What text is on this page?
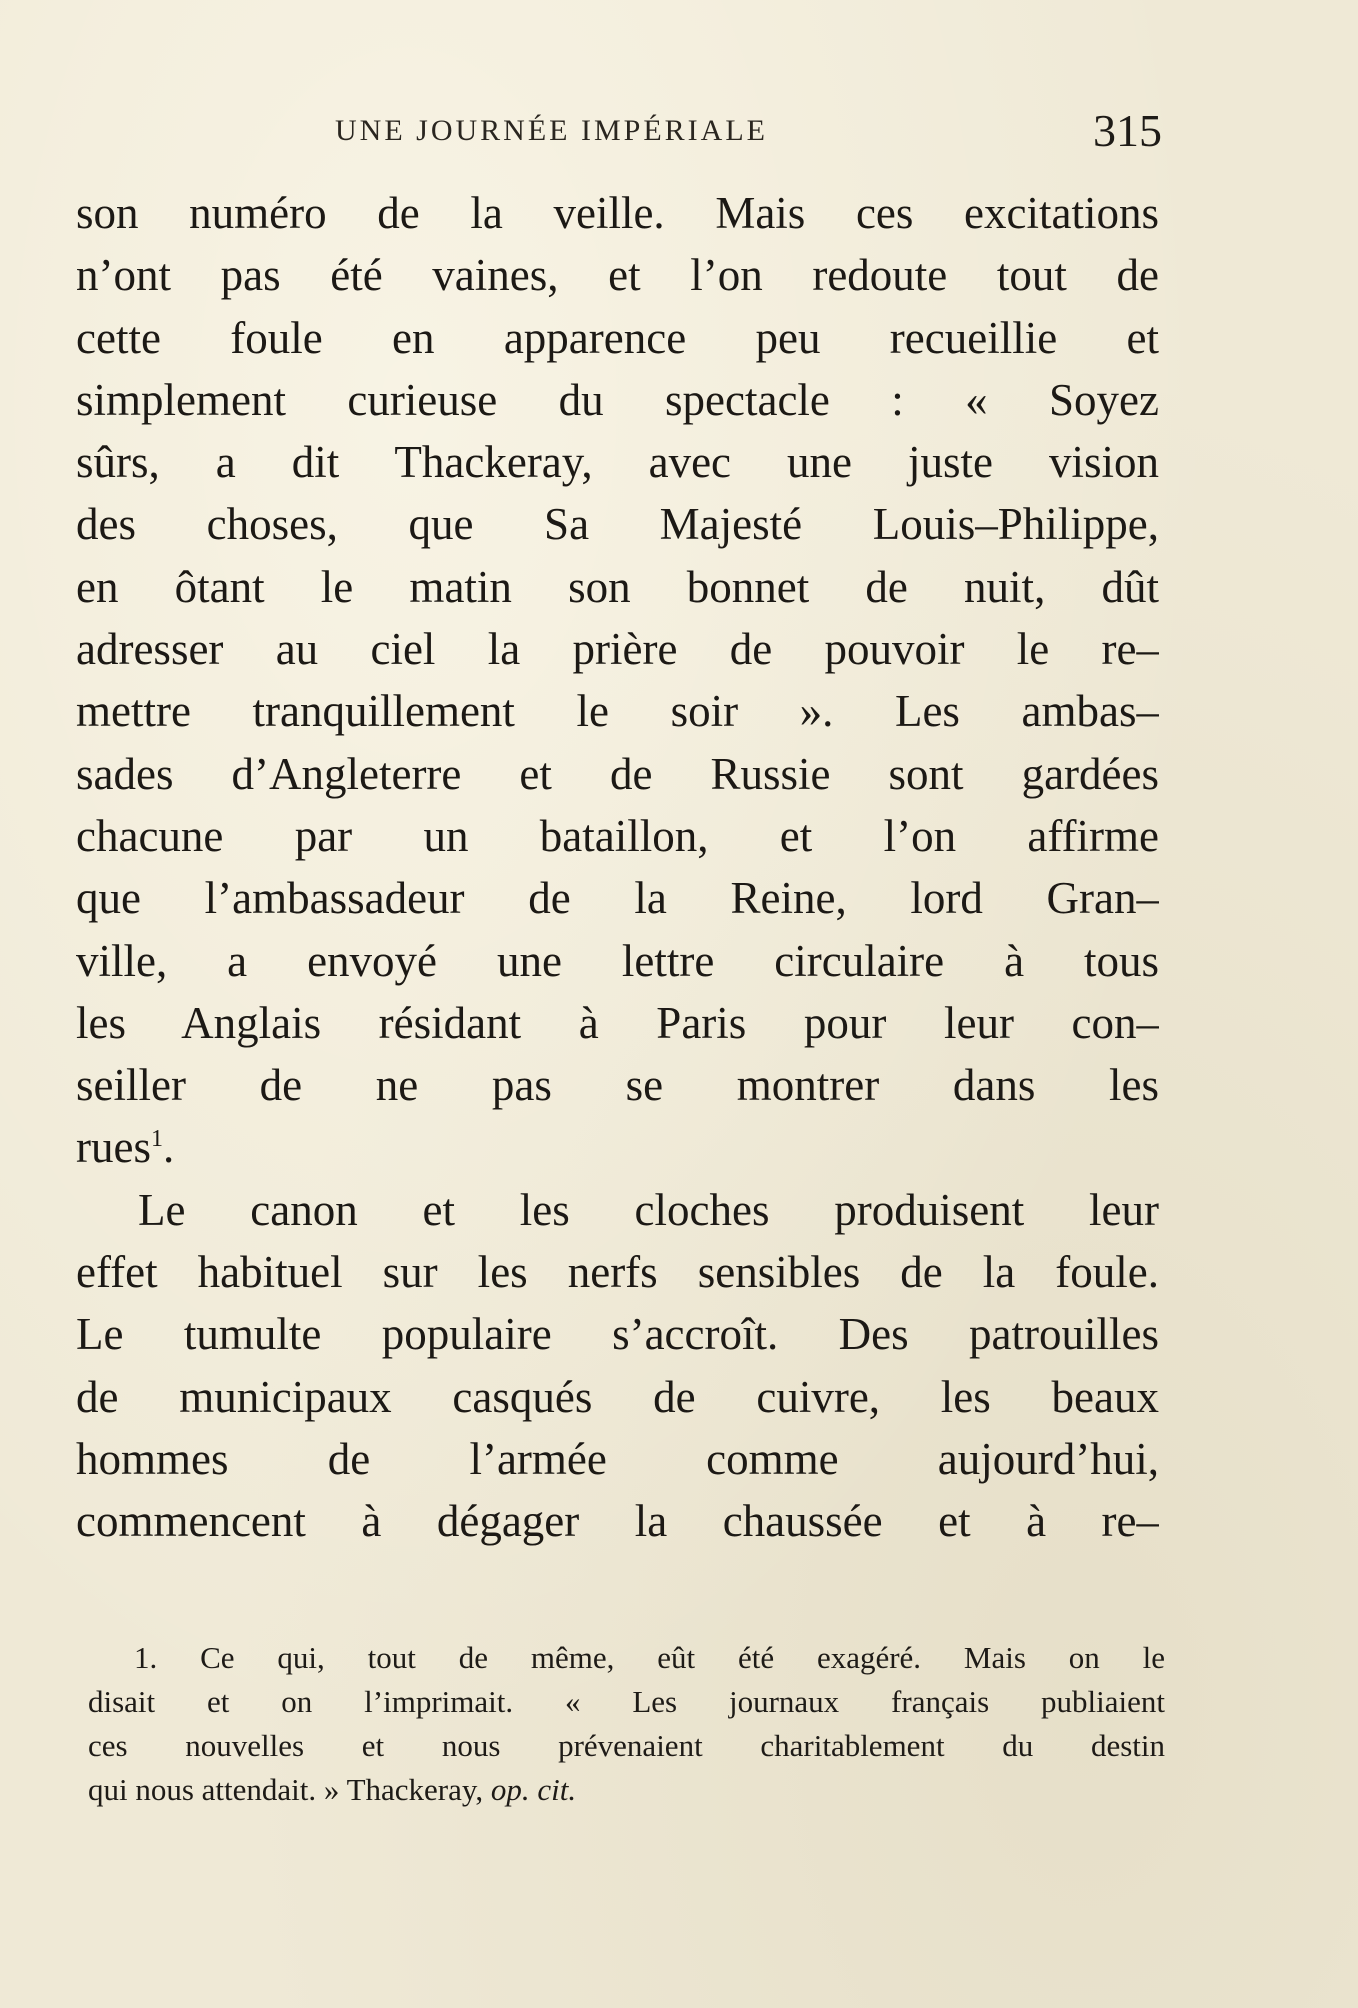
UNE JOURNÉE IMPÉRIALE	315
son numéro de la veille. Mais ces excitations
n’ont pas été vaines, et l’on redoute tout de
cette foule en apparence peu recueillie et
simplement curieuse du spectacle : « Soyez
sûrs, a dit Thackeray, avec une juste vision
des choses, que Sa Majesté Louis–Philippe,
en ôtant le matin son bonnet de nuit, dût
adresser au ciel la prière de pouvoir le re–
mettre tranquillement le soir ». Les ambas–
sades d’Angleterre et de Russie sont gardées
chacune par un bataillon, et l’on affirme
que l’ambassadeur de la Reine, lord Gran–
ville, a envoyé une lettre circulaire à tous
les Anglais résidant à Paris pour leur con–
seiller de ne pas se montrer dans les
rues$^1$.
Le canon et les cloches produisent leur
effet habituel sur les nerfs sensibles de la foule.
Le tumulte populaire s’accroît. Des patrouilles
de municipaux casqués de cuivre, les beaux
hommes de l’armée comme aujourd’hui,
commencent à dégager la chaussée et à re–
1. Ce qui, tout de même, eût été exagéré. Mais on le
disait et on l’imprimait. « Les journaux français publiaient
ces nouvelles et nous prévenaient charitablement du destin
qui nous attendait. » Thackeray, op. cit.
